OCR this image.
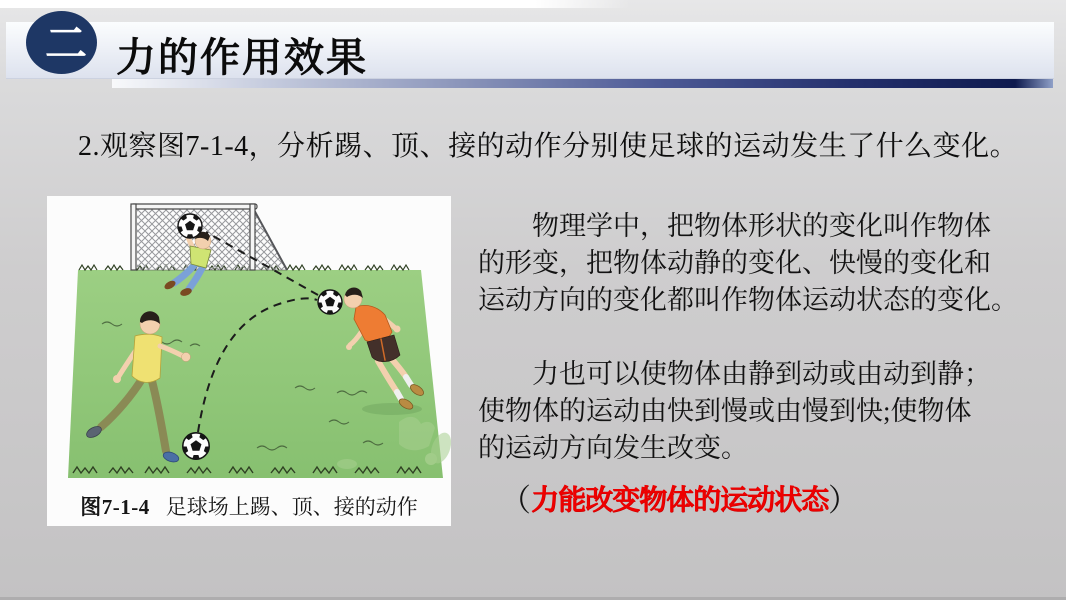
二 力的作用效果
2.观察图7-1-4，分析踢、顶、接的动作分别使足球的运动发生了什么变化。
图7-1-4 足球场上踢、顶、接的动作
　　物理学中，把物体形状的变化叫作物体
的形变，把物体动静的变化、快慢的变化和
运动方向的变化都叫作物体运动状态的变化。
　　力也可以使物体由静到动或由动到静；
使物体的运动由快到慢或由慢到快;使物体
的运动方向发生改变。
（力能改变物体的运动状态）
